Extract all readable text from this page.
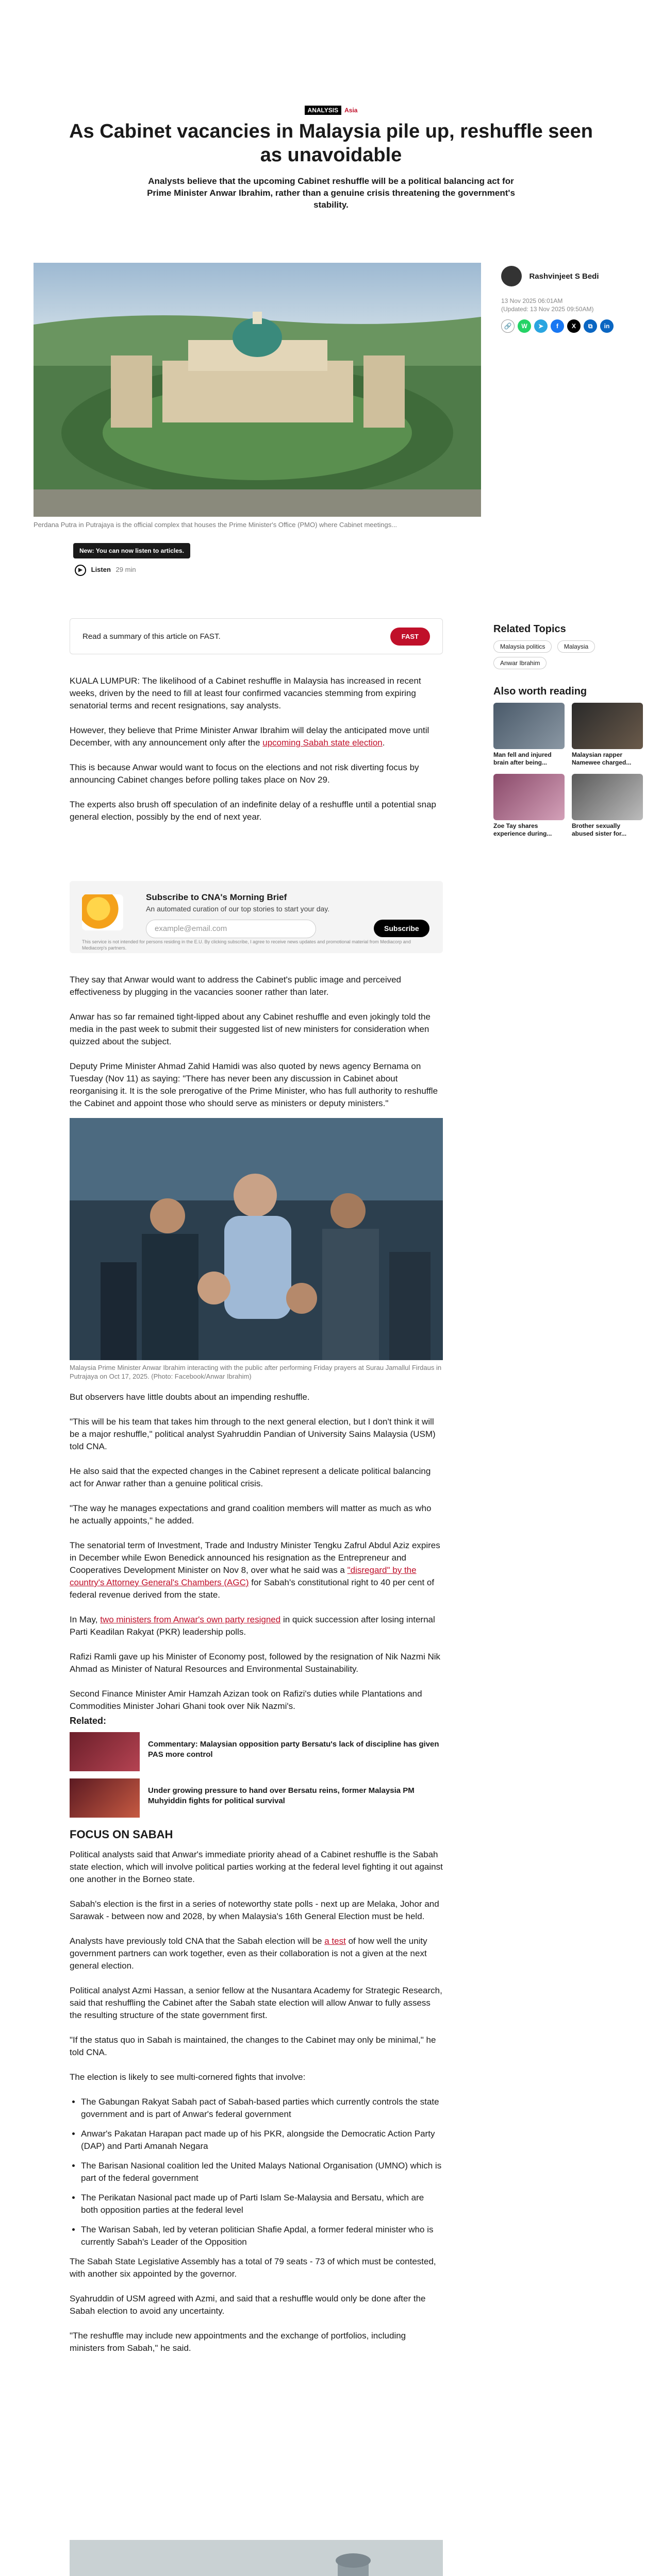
ANALYSIS Asia
As Cabinet vacancies in Malaysia pile up, reshuffle seen as unavoidable

Analysts believe that the upcoming Cabinet reshuffle will be a political balancing act for Prime Minister Anwar Ibrahim, rather than a genuine crisis threatening the government's stability.

Perdana Putra in Putrajaya is the official complex that houses the Prime Minister's Office (PMO) where Cabinet meetings...

New: You can now listen to articles.
▶ Listen 29 min
Rashvinjeet S Bedi
13 Nov 2025 06:01AM
(Updated: 13 Nov 2025 09:50AM)
🔗	W	➤	f	X	⧉	in
Read a summary of this article on FAST.	FAST

KUALA LUMPUR: The likelihood of a Cabinet reshuffle in Malaysia has increased in recent weeks, driven by the need to fill at least four confirmed vacancies stemming from expiring senatorial terms and recent resignations, say analysts.

However, they believe that Prime Minister Anwar Ibrahim will delay the anticipated move until December, with any announcement only after the upcoming Sabah state election.

This is because Anwar would want to focus on the elections and not risk diverting focus by announcing Cabinet changes before polling takes place on Nov 29.

The experts also brush off speculation of an indefinite delay of a reshuffle until a potential snap general election, possibly by the end of next year.

Subscribe to CNA's Morning Brief
An automated curation of our top stories to start your day.
example@email.com	Subscribe
This service is not intended for persons residing in the E.U. By clicking subscribe, I agree to receive news updates and promotional material from Mediacorp and Mediacorp's partners.

They say that Anwar would want to address the Cabinet's public image and perceived effectiveness by plugging in the vacancies sooner rather than later.

Anwar has so far remained tight-lipped about any Cabinet reshuffle and even jokingly told the media in the past week to submit their suggested list of new ministers for consideration when quizzed about the subject.

Deputy Prime Minister Ahmad Zahid Hamidi was also quoted by news agency Bernama on Tuesday (Nov 11) as saying: "There has never been any discussion in Cabinet about reorganising it. It is the sole prerogative of the Prime Minister, who has full authority to reshuffle the Cabinet and appoint those who should serve as ministers or deputy ministers."

Malaysia Prime Minister Anwar Ibrahim interacting with the public after performing Friday prayers at Surau Jamallul Firdaus in Putrajaya on Oct 17, 2025. (Photo: Facebook/Anwar Ibrahim)

But observers have little doubts about an impending reshuffle.

"This will be his team that takes him through to the next general election, but I don't think it will be a major reshuffle," political analyst Syahruddin Pandian of University Sains Malaysia (USM) told CNA.

He also said that the expected changes in the Cabinet represent a delicate political balancing act for Anwar rather than a genuine political crisis.

"The way he manages expectations and grand coalition members will matter as much as who he actually appoints," he added.

The senatorial term of Investment, Trade and Industry Minister Tengku Zafrul Abdul Aziz expires in December while Ewon Benedick announced his resignation as the Entrepreneur and Cooperatives Development Minister on Nov 8, over what he said was a "disregard" by the country's Attorney General's Chambers (AGC) for Sabah's constitutional right to 40 per cent of federal revenue derived from the state.

In May, two ministers from Anwar's own party resigned in quick succession after losing internal Parti Keadilan Rakyat (PKR) leadership polls.

Rafizi Ramli gave up his Minister of Economy post, followed by the resignation of Nik Nazmi Nik Ahmad as Minister of Natural Resources and Environmental Sustainability.

Second Finance Minister Amir Hamzah Azizan took on Rafizi's duties while Plantations and Commodities Minister Johari Ghani took over Nik Nazmi's.

Related:
Commentary: Malaysian opposition party Bersatu's lack of discipline has given PAS more control
Under growing pressure to hand over Bersatu reins, former Malaysia PM Muhyiddin fights for political survival
FOCUS ON SABAH

Political analysts said that Anwar's immediate priority ahead of a Cabinet reshuffle is the Sabah state election, which will involve political parties working at the federal level fighting it out against one another in the Borneo state.

Sabah's election is the first in a series of noteworthy state polls - next up are Melaka, Johor and Sarawak - between now and 2028, by when Malaysia's 16th General Election must be held.

Analysts have previously told CNA that the Sabah election will be a test of how well the unity government partners can work together, even as their collaboration is not a given at the next general election.

Political analyst Azmi Hassan, a senior fellow at the Nusantara Academy for Strategic Research, said that reshuffling the Cabinet after the Sabah state election will allow Anwar to fully assess the resulting structure of the state government first.

"If the status quo in Sabah is maintained, the changes to the Cabinet may only be minimal," he told CNA.

The election is likely to see multi-cornered fights that involve:

• The Gabungan Rakyat Sabah pact of Sabah-based parties which currently controls the state government and is part of Anwar's federal government
• Anwar's Pakatan Harapan pact made up of his PKR, alongside the Democratic Action Party (DAP) and Parti Amanah Negara
• The Barisan Nasional coalition led the United Malays National Organisation (UMNO) which is part of the federal government
• The Perikatan Nasional pact made up of Parti Islam Se-Malaysia and Bersatu, which are both opposition parties at the federal level
• The Warisan Sabah, led by veteran politician Shafie Apdal, a former federal minister who is currently Sabah's Leader of the Opposition

The Sabah State Legislative Assembly has a total of 79 seats - 73 of which must be contested, with another six appointed by the governor.

Syahruddin of USM agreed with Azmi, and said that a reshuffle would only be done after the Sabah election to avoid any uncertainty.

"The reshuffle may include new appointments and the exchange of portfolios, including ministers from Sabah," he said.

Related Topics
Malaysia politics	Malaysia Anwar Ibrahim
Also worth reading
Man fell and injured brain after being...
Malaysian rapper Namewee charged...
Zoe Tay shares experience during...
Brother sexually abused sister for...
